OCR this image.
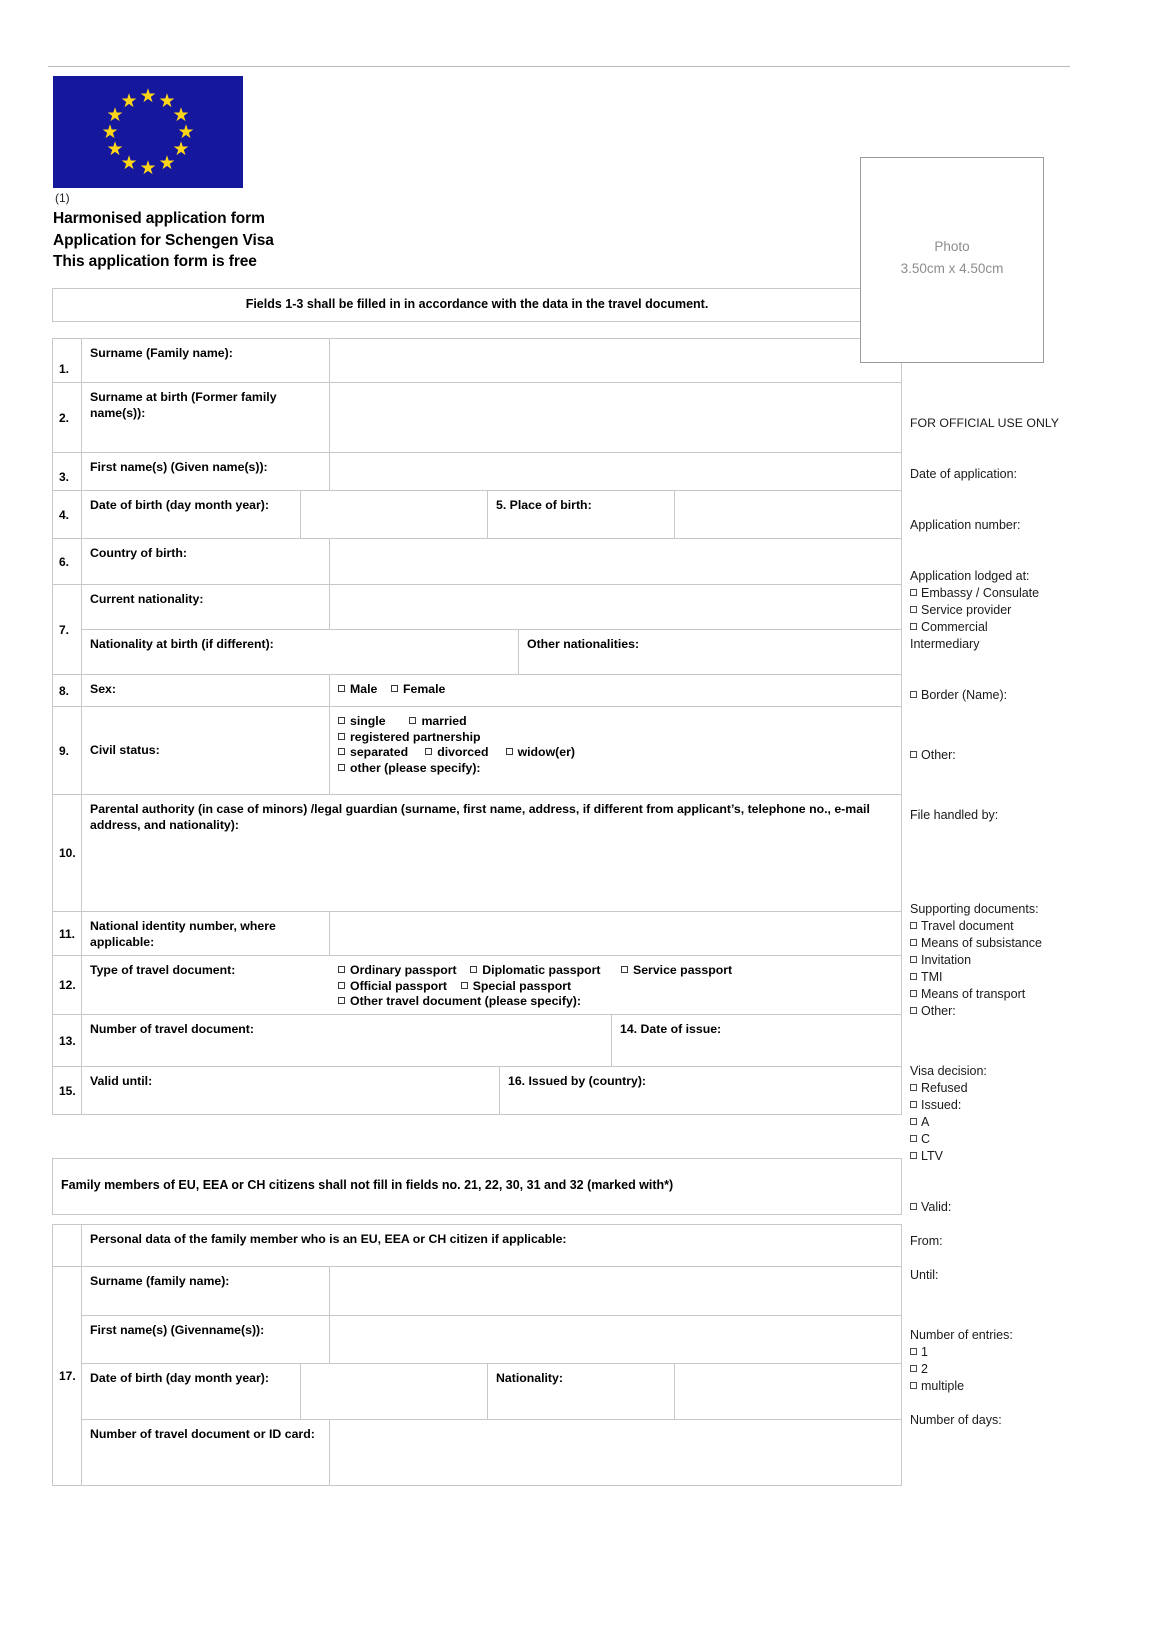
★
★ ★
★	★
★	★
★	★
★ ★
★
(1)
Harmonised application form
Application for Schengen Visa
This application form is free
Photo
3.50cm x 4.50cm
Fields 1-3 shall be filled in in accordance with the data in the travel document.
1.
Surname (Family name):
2.
Surname at birth (Former family name(s)):
3.
First name(s) (Given name(s)):
4.
Date of birth (day month year):	5. Place of birth:
6.
Country of birth:
7.
Current nationality:
Nationality at birth (if different):	Other nationalities:
8.	Sex:	Male Female
9. Civil status:
single	married
registered partnership
separated divorced widow(er)
other (please specify):
10.
Parental authority (in case of minors) /legal guardian (surname, first name, address, if different from applicant’s, telephone no., e-mail address, and nationality):
11.
National identity number, where applicable:
12.
Type of travel document:	Ordinary passport Diplomatic passport	Service passport
Official passport Special passport
Other travel document (please specify):
13.
Number of travel document:	14. Date of issue:
15.
Valid until:	16. Issued by (country):
Family members of EU, EEA or CH citizens shall not fill in fields no. 21, 22, 30, 31 and 32 (marked with*)
Personal data of the family member who is an EU, EEA or CH citizen if applicable:
17.
Surname (family name):
First name(s) (Givenname(s)):
Date of birth (day month year):	Nationality:
Number of travel document or ID card:
FOR OFFICIAL USE ONLY
Date of application:
Application number:
Application lodged at:
Embassy / Consulate
Service provider
Commercial
Intermediary
Border (Name):
Other:
File handled by:
Supporting documents:
Travel document
Means of subsistance
Invitation
TMI
Means of transport
Other:
Visa decision:
Refused
Issued:
A
C
LTV
Valid:
From:
Until:
Number of entries:
1
2
multiple
Number of days:
